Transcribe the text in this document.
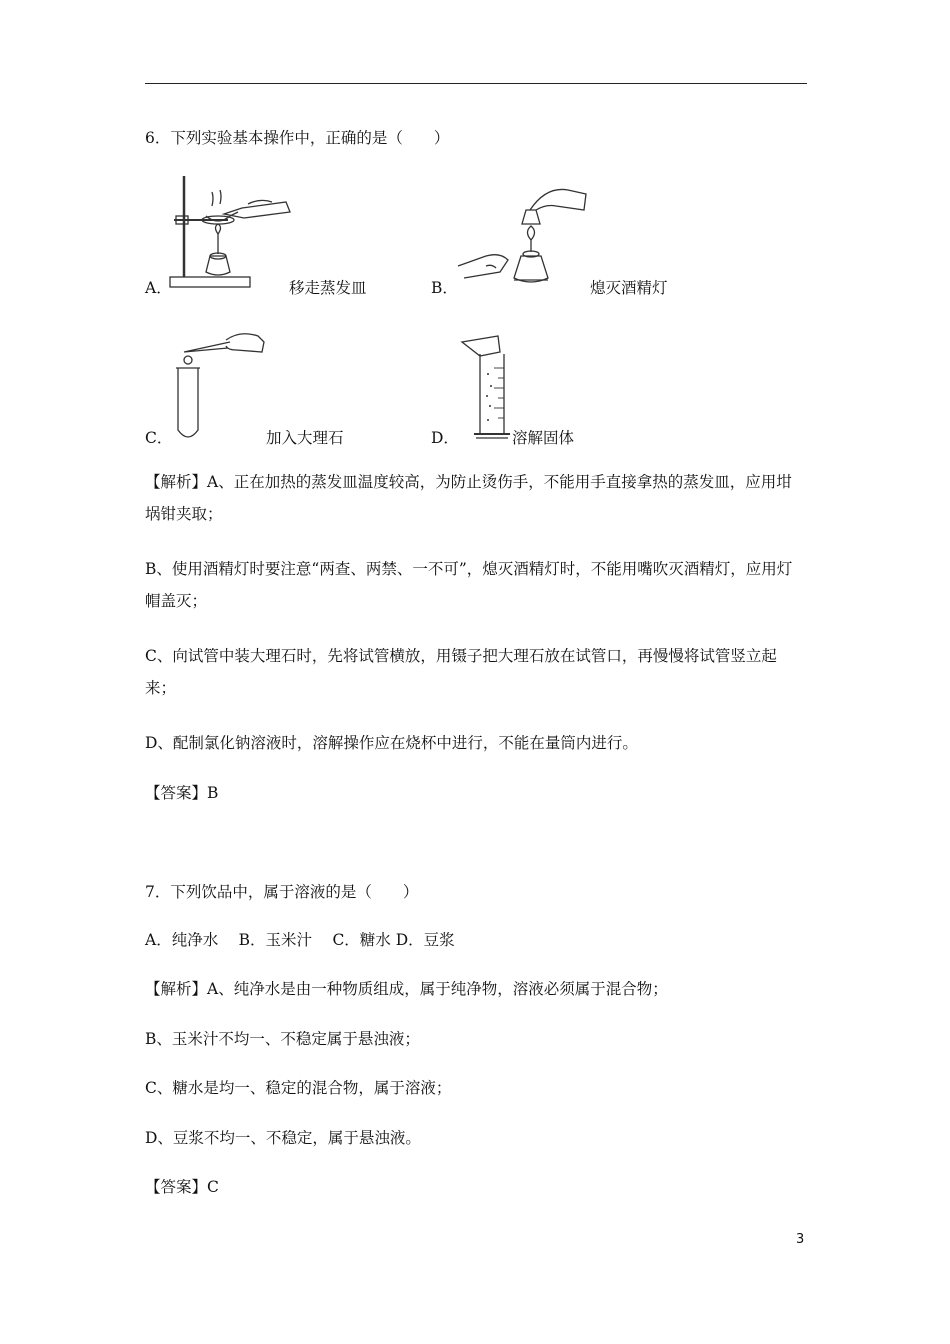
6．下列实验基本操作中，正确的是（　　）
A．	移走蒸发皿	B．	熄灭酒精灯
C．	加入大理石	D．	溶解固体
【解析】A、正在加热的蒸发皿温度较高，为防止烫伤手，不能用手直接拿热的蒸发皿，应用坩埚钳夹取；
B、使用酒精灯时要注意“两查、两禁、一不可”，熄灭酒精灯时，不能用嘴吹灭酒精灯，应用灯帽盖灭；
C、向试管中装大理石时，先将试管横放，用镊子把大理石放在试管口，再慢慢将试管竖立起来；
D、配制氯化钠溶液时，溶解操作应在烧杯中进行，不能在量筒内进行。
【答案】B
7．下列饮品中，属于溶液的是（　　）
A．纯净水　 B．玉米汁　 C．糖水 D．豆浆
【解析】A、纯净水是由一种物质组成，属于纯净物，溶液必须属于混合物；
B、玉米汁不均一、不稳定属于悬浊液；
C、糖水是均一、稳定的混合物，属于溶液；
D、豆浆不均一、不稳定，属于悬浊液。
【答案】C
3
